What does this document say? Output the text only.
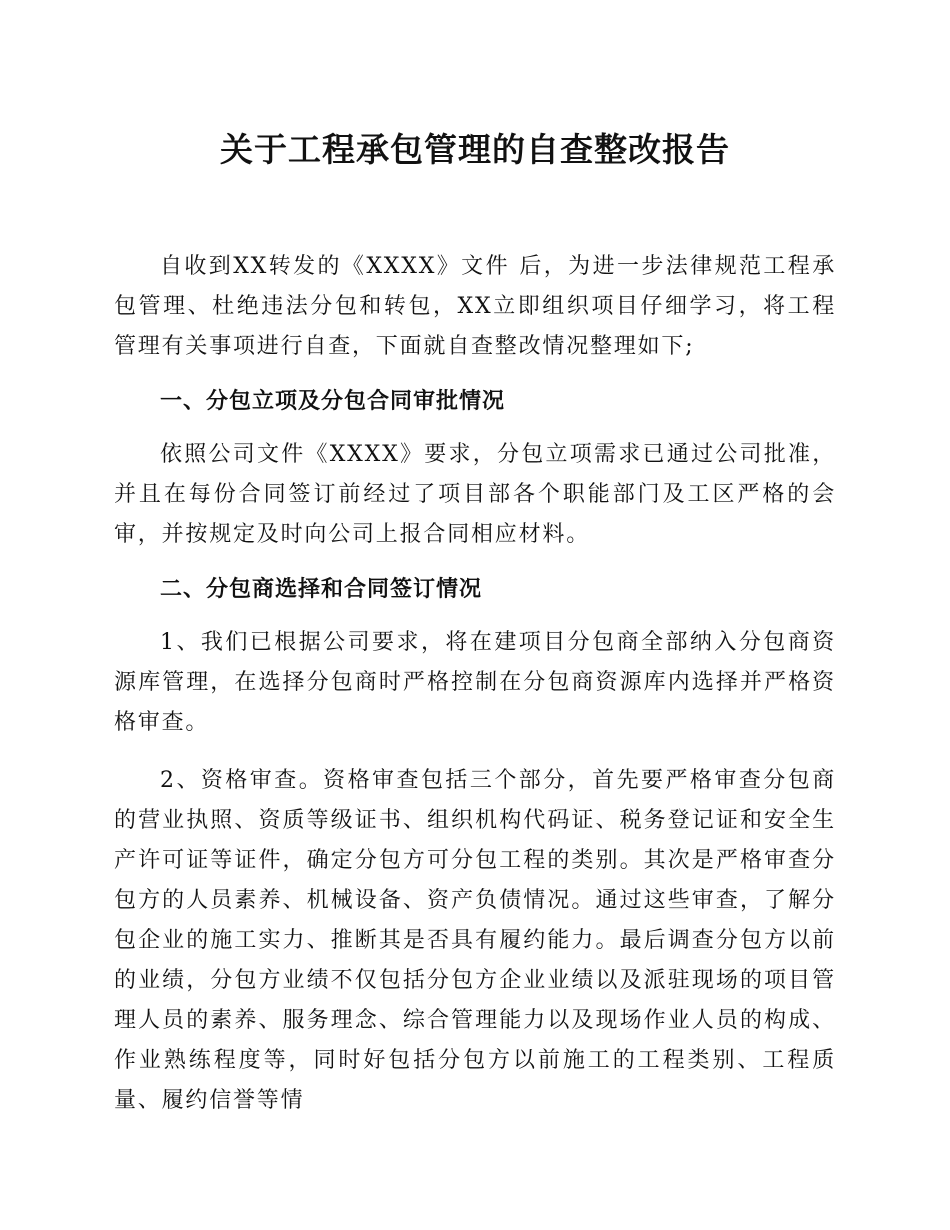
关于工程承包管理的自查整改报告

自收到XX转发的《XXXX》文件 后，为进一步法律规范工程承包管理、杜绝违法分包和转包，XX立即组织项目仔细学习，将工程管理有关事项进行自查，下面就自查整改情况整理如下;

一、分包立项及分包合同审批情况

依照公司文件《XXXX》要求，分包立项需求已通过公司批准，并且在每份合同签订前经过了项目部各个职能部门及工区严格的会审，并按规定及时向公司上报合同相应材料。

二、分包商选择和合同签订情况

1、我们已根据公司要求，将在建项目分包商全部纳入分包商资源库管理，在选择分包商时严格控制在分包商资源库内选择并严格资格审查。

2、资格审查。资格审查包括三个部分，首先要严格审查分包商的营业执照、资质等级证书、组织机构代码证、税务登记证和安全生产许可证等证件，确定分包方可分包工程的类别。其次是严格审查分包方的人员素养、机械设备、资产负债情况。通过这些审查，了解分包企业的施工实力、推断其是否具有履约能力。最后调查分包方以前的业绩，分包方业绩不仅包括分包方企业业绩以及派驻现场的项目管理人员的素养、服务理念、综合管理能力以及现场作业人员的构成、作业熟练程度等，同时好包括分包方以前施工的工程类别、工程质量、履约信誉等情
